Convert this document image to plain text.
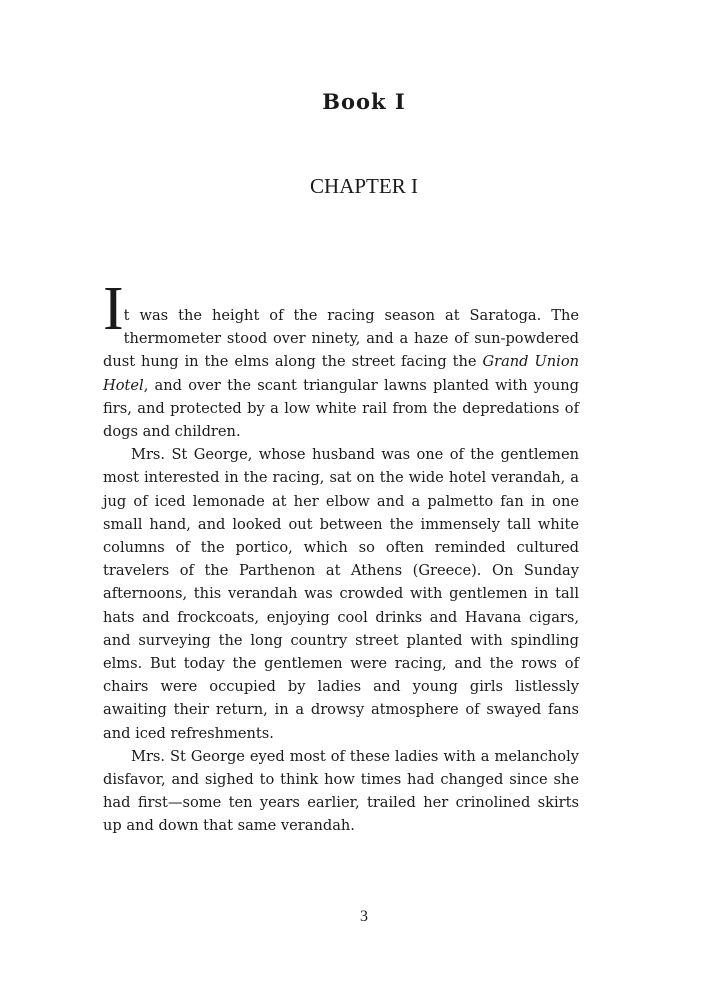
Book I
CHAPTER I

It was the height of the racing season at Saratoga. The thermometer stood over ninety, and a haze of sun-powdered dust hung in the elms along the street facing the Grand Union Hotel, and over the scant triangular lawns planted with young firs, and protected by a low white rail from the depredations of dogs and children.

Mrs. St George, whose husband was one of the gentlemen most interested in the racing, sat on the wide hotel verandah, a jug of iced lemonade at her elbow and a palmetto fan in one small hand, and looked out between the immensely tall white columns of the portico, which so often reminded cultured travelers of the Parthenon at Athens (Greece). On Sunday afternoons, this verandah was crowded with gentlemen in tall hats and frockcoats, enjoying cool drinks and Havana cigars, and surveying the long country street planted with spindling elms. But today the gentlemen were racing, and the rows of chairs were occupied by ladies and young girls listlessly awaiting their return, in a drowsy atmosphere of swayed fans and iced refreshments.

Mrs. St George eyed most of these ladies with a melancholy disfavor, and sighed to think how times had changed since she had first—some ten years earlier, trailed her crinolined skirts up and down that same verandah.

3
